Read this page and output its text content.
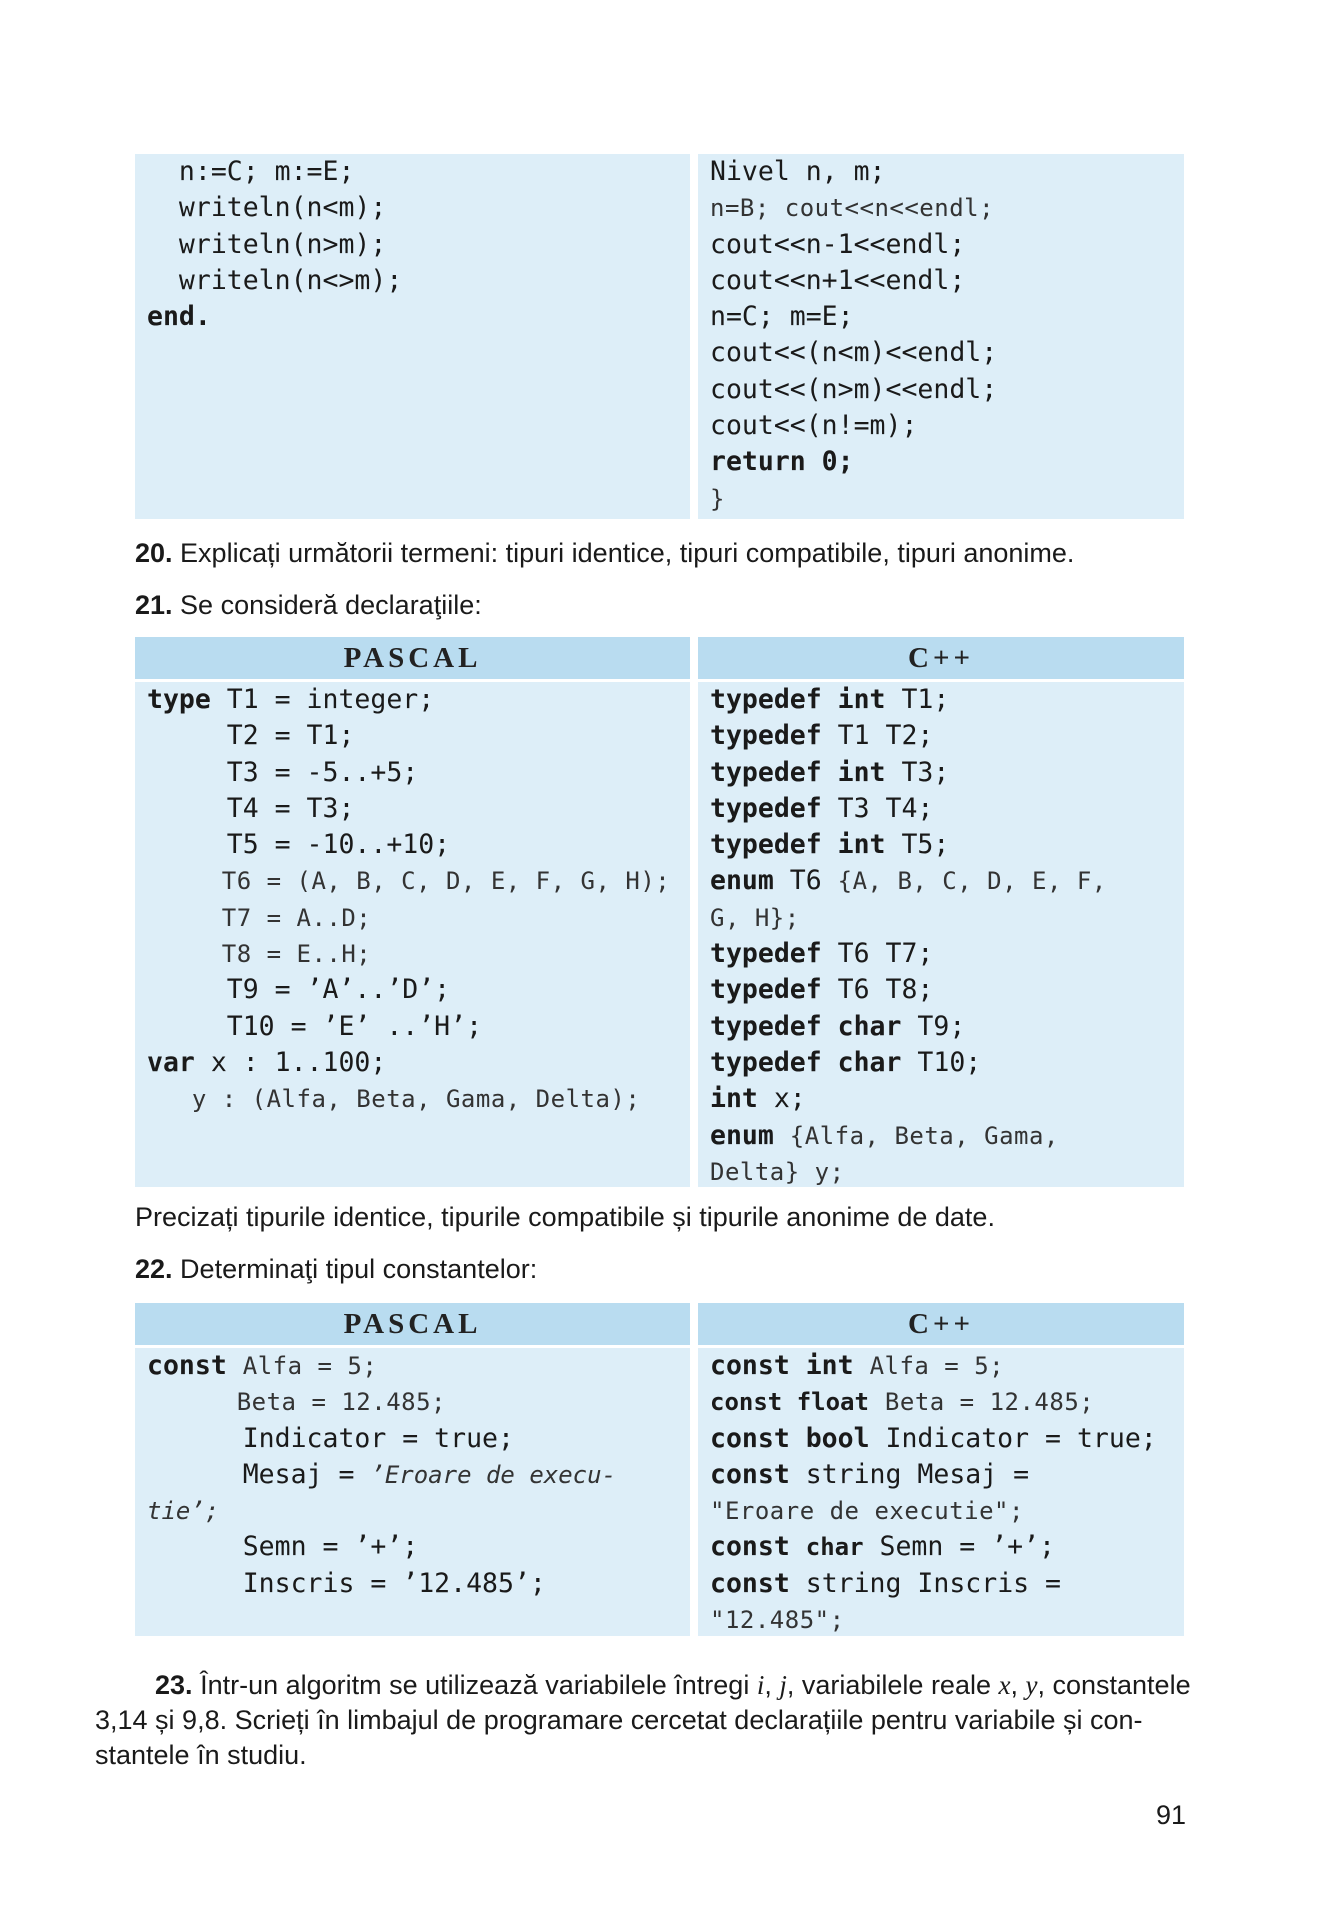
n:=C; m:=E;
writeln(n<m);
writeln(n>m);
writeln(n<>m);
end.
Nivel n, m;
n=B; cout<<n<<endl;
cout<<n-1<<endl;
cout<<n+1<<endl;
n=C; m=E;
cout<<(n<m)<<endl;
cout<<(n>m)<<endl;
cout<<(n!=m);
return 0;
}
20. Explicați următorii termeni: tipuri identice, tipuri compatibile, tipuri anonime.
21. Se consideră declaraţiile:
PASCAL	C++
type T1 = integer;
T2 = T1;
T3 = -5..+5;
T4 = T3;
T5 = -10..+10;
T6 = (A, B, C, D, E, F, G, H);
T7 = A..D;
T8 = E..H;
T9 = ’A’..’D’;
T10 = ’E’ ..’H’;
var x : 1..100;
y : (Alfa, Beta, Gama, Delta);
typedef int T1;
typedef T1 T2;
typedef int T3;
typedef T3 T4;
typedef int T5;
enum T6 {A, B, C, D, E, F,
G, H};
typedef T6 T7;
typedef T6 T8;
typedef char T9;
typedef char T10;
int x;
enum {Alfa, Beta, Gama,
Delta} y;
Precizați tipurile identice, tipurile compatibile și tipurile anonime de date.
22. Determinaţi tipul constantelor:
PASCAL	C++
const Alfa = 5;
Beta = 12.485;
Indicator = true;
Mesaj = ’Eroare de execu-
tie’;
Semn = ’+’;
Inscris = ’12.485’;
const int Alfa = 5;
const float Beta = 12.485;
const bool Indicator = true;
const string Mesaj =
"Eroare de executie";
const char Semn = ’+’;
const string Inscris =
"12.485";
23. Într-un algoritm se utilizează variabilele întregi i, j, variabilele reale x, y, constantele
3,14 și 9,8. Scrieți în limbajul de programare cercetat declarațiile pentru variabile și con-
stantele în studiu.
91
